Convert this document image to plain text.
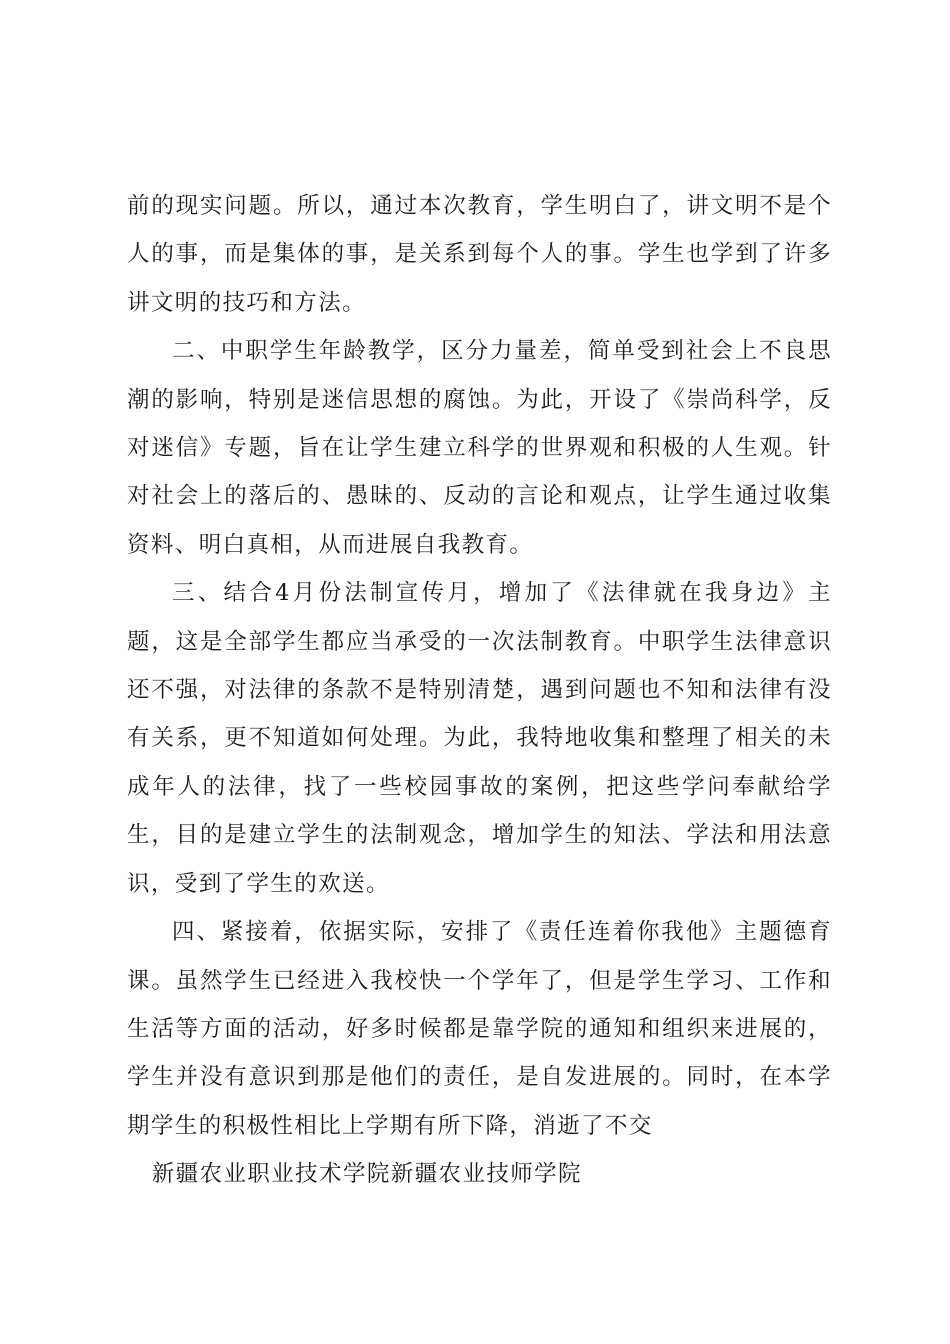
前的现实问题。所以，通过本次教育，学生明白了，讲文明不是个人的事，而是集体的事，是关系到每个人的事。学生也学到了许多讲文明的技巧和方法。

二、中职学生年龄教学，区分力量差，简单受到社会上不良思潮的影响，特别是迷信思想的腐蚀。为此，开设了《崇尚科学，反对迷信》专题，旨在让学生建立科学的世界观和积极的人生观。针对社会上的落后的、愚昧的、反动的言论和观点，让学生通过收集资料、明白真相，从而进展自我教育。

三、结合4月份法制宣传月，增加了《法律就在我身边》主题，这是全部学生都应当承受的一次法制教育。中职学生法律意识还不强，对法律的条款不是特别清楚，遇到问题也不知和法律有没有关系，更不知道如何处理。为此，我特地收集和整理了相关的未成年人的法律，找了一些校园事故的案例，把这些学问奉献给学生，目的是建立学生的法制观念，增加学生的知法、学法和用法意识，受到了学生的欢送。

四、紧接着，依据实际，安排了《责任连着你我他》主题德育课。虽然学生已经进入我校快一个学年了，但是学生学习、工作和生活等方面的活动，好多时候都是靠学院的通知和组织来进展的，学生并没有意识到那是他们的责任，是自发进展的。同时，在本学期学生的积极性相比上学期有所下降，消逝了不交

新疆农业职业技术学院新疆农业技师学院
